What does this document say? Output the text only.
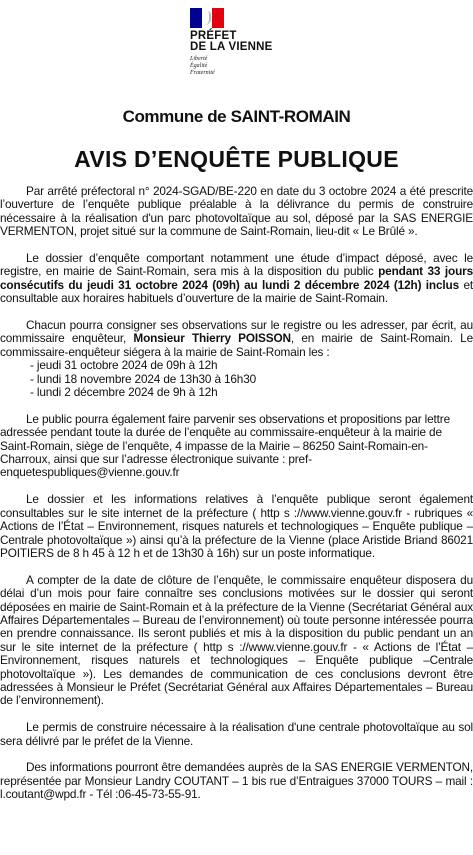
PRÉFET
DE LA VIENNE
Liberté
Égalité
Fraternité
Commune de SAINT-ROMAIN
AVIS D’ENQUÊTE PUBLIQUE

Par arrêté préfectoral n° 2024-SGAD/BE-220 en date du 3 octobre 2024 a été prescrite l’ouverture de l’enquête publique préalable à la délivrance du permis de construire nécessaire à la réalisation d'un parc photovoltaïque au sol, déposé par la SAS ENERGIE VERMENTON, projet situé sur la commune de Saint-Romain, lieu-dit « Le Brûlé ».

Le dossier d’enquête comportant notamment une étude d’impact déposé, avec le registre, en mairie de Saint-Romain, sera mis à la disposition du public pendant 33 jours consécutifs du jeudi 31 octobre 2024 (09h) au lundi 2 décembre 2024 (12h) inclus et consultable aux horaires habituels d’ouverture de la mairie de Saint-Romain.

Chacun pourra consigner ses observations sur le registre ou les adresser, par écrit, au commissaire enquêteur, Monsieur Thierry POISSON, en mairie de Saint-Romain. Le commissaire-enquêteur siégera à la mairie de Saint-Romain les :

- jeudi 31 octobre 2024 de 09h à 12h
- lundi 18 novembre 2024 de 13h30 à 16h30
- lundi 2 décembre 2024 de 9h à 12h

Le public pourra également faire parvenir ses observations et propositions par lettre adressée pendant toute la durée de l’enquête au commissaire-enquêteur à la mairie de Saint-Romain, siège de l’enquête, 4 impasse de la Mairie – 86250 Saint-Romain-en-Charroux, ainsi que sur l’adresse électronique suivante : pref-enquetespubliques@vienne.gouv.fr

Le dossier et les informations relatives à l’enquête publique seront également consultables sur le site internet de la préfecture ( http s ://www.vienne.gouv.fr - rubriques « Actions de l’État – Environnement, risques naturels et technologiques – Enquête publique – Centrale photovoltaïque ») ainsi qu’à la préfecture de la Vienne (place Aristide Briand 86021 POITIERS de 8 h 45 à 12 h et de 13h30 à 16h) sur un poste informatique.

A compter de la date de clôture de l’enquête, le commissaire enquêteur disposera du délai d’un mois pour faire connaître ses conclusions motivées sur le dossier qui seront déposées en mairie de Saint-Romain et à la préfecture de la Vienne (Secrétariat Général aux Affaires Départementales – Bureau de l’environnement) où toute personne intéressée pourra en prendre connaissance. Ils seront publiés et mis à la disposition du public pendant un an sur le site internet de la préfecture ( http s ://www.vienne.gouv.fr - « Actions de l’État – Environnement, risques naturels et technologiques – Enquête publique –Centrale photovoltaïque »). Les demandes de communication de ces conclusions devront être adressées à Monsieur le Préfet (Secrétariat Général aux Affaires Départementales – Bureau de l’environnement).

Le permis de construire nécessaire à la réalisation d'une centrale photovoltaïque au sol sera délivré par le préfet de la Vienne.

Des informations pourront être demandées auprès de la SAS ENERGIE VERMENTON, représentée par Monsieur Landry COUTANT – 1 bis rue d’Entraigues 37000 TOURS – mail : l.coutant@wpd.fr - Tél :06-45-73-55-91.
